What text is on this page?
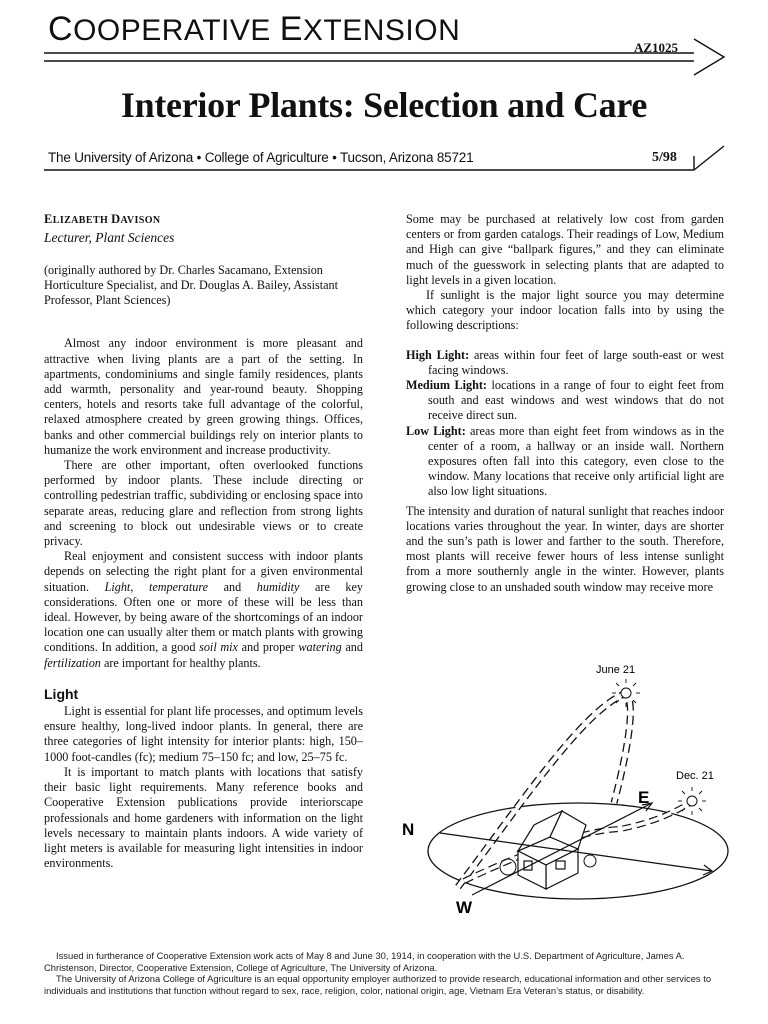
COOPERATIVE EXTENSION
AZ1025
Interior Plants: Selection and Care
The University of Arizona • College of Agriculture • Tucson, Arizona 85721	5/98
ELIZABETH DAVISON
Lecturer, Plant Sciences

(originally authored by Dr. Charles Sacamano, Extension Horticulture Specialist, and Dr. Douglas A. Bailey, Assistant Professor, Plant Sciences)

Almost any indoor environment is more pleasant and attractive when living plants are a part of the setting. In apartments, condominiums and single family residences, plants add warmth, personality and year-round beauty. Shopping centers, hotels and resorts take full advantage of the colorful, relaxed atmosphere created by green growing things. Offices, banks and other commercial buildings rely on interior plants to humanize the work environment and increase productivity.

There are other important, often overlooked functions performed by indoor plants. These include directing or controlling pedestrian traffic, subdividing or enclosing space into separate areas, reducing glare and reflection from strong lights and screening to block out undesirable views or to create privacy.

Real enjoyment and consistent success with indoor plants depends on selecting the right plant for a given environmental situation. Light, temperature and humidity are key considerations. Often one or more of these will be less than ideal. However, by being aware of the shortcomings of an indoor location one can usually alter them or match plants with growing conditions. In addition, a good soil mix and proper watering and fertilization are important for healthy plants.

Light

Light is essential for plant life processes, and optimum levels ensure healthy, long-lived indoor plants. In general, there are three categories of light intensity for interior plants: high, 150–1000 foot-candles (fc); medium 75–150 fc; and low, 25–75 fc.

It is important to match plants with locations that satisfy their basic light requirements. Many reference books and Cooperative Extension publications provide interiorscape professionals and home gardeners with information on the light levels necessary to maintain plants indoors. A wide variety of light meters is available for measuring light intensities in indoor environments.

Some may be purchased at relatively low cost from garden centers or from garden catalogs. Their readings of Low, Medium and High can give “ballpark figures,” and they can eliminate much of the guesswork in selecting plants that are adapted to light levels in a given location.

If sunlight is the major light source you may determine which category your indoor location falls into by using the following descriptions:

High Light: areas within four feet of large south-east or west facing windows.

Medium Light: locations in a range of four to eight feet from south and east windows and west windows that do not receive direct sun.

Low Light: areas more than eight feet from windows as in the center of a room, a hallway or an inside wall. Northern exposures often fall into this category, even close to the window. Many locations that receive only artificial light are also low light situations.

The intensity and duration of natural sunlight that reaches indoor locations varies throughout the year. In winter, days are shorter and the sun’s path is lower and farther to the south. Therefore, most plants will receive fewer hours of less intense sunlight from a more southernly angle in the winter. However, plants growing close to an unshaded south window may receive more

June 21
Dec. 21
E
N
W

Issued in furtherance of Cooperative Extension work acts of May 8 and June 30, 1914, in cooperation with the U.S. Department of Agriculture, James A. Christenson, Director, Cooperative Extension, College of Agriculture, The University of Arizona.

The University of Arizona College of Agriculture is an equal opportunity employer authorized to provide research, educational information and other services to individuals and institutions that function without regard to sex, race, religion, color, national origin, age, Vietnam Era Veteran’s status, or disability.
